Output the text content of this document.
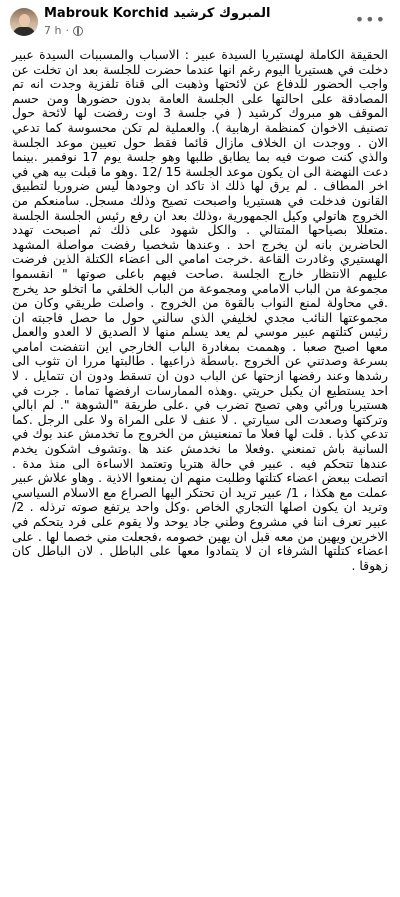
Mabrouk Korchid المبروك كرشيد
7 h ·
•••

الحقيقة الكاملة لهستيريا السيدة عبير : الاسباب والمسببات السيدة عبير دخلت في هستيريا اليوم رغم انها عندما حضرت للجلسة بعد ان تخلت عن واجب الحضور للدفاع عن لائحتها وذهبت الى قناة تلفزية وجدت انه تم المصادقة على احالتها على الجلسة العامة بدون حضورها ومن حسم الموقف هو مبروك كرشيد ( في جلسة 3 اوت رفضت لها لائحة حول تصنيف الاخوان كمنظمة ارهابية ). والعملية لم تكن محسوسة كما تدعي الان . ووجدت ان الخلاف مازال قائما فقط حول تعيين موعد الجلسة والذي كنت صوت فيه بما يطابق طلبها وهو جلسة يوم 17 نوفمبر .بينما دعت النهضة الى ان يكون موعد الجلسة 15 /12 .وهو ما قبلت بيه هي في اخر المطاف . لم يرق لها ذلك اذ تاكد ان وجودها ليس ضروريا لتطبيق القانون فدخلت في هستيريا واصبحت تصيح وذلك مسجل. سامنعكم من الخروج هاتولي وكيل الجمهورية ،وذلك بعد ان رفع رئيس الجلسة الجلسة .متعللا بصياحها المتتالي . والكل شهود على ذلك ثم اصبحت تهدد الحاضرين بانه لن يخرج احد . وعندها شخصيا رفضت مواصلة المشهد الهستيري وغادرت القاعة .خرجت امامي الى اعضاء الكتلة الذين فرضت عليهم الانتظار خارج الجلسة .صاحت فيهم باعلى صوتها " انقسموا مجموعة من الباب الامامي ومجموعة من الباب الخلفي ما اتخلو حد يخرج .في محاولة لمنع النواب بالقوة من الخروج . واصلت طريقي وكان من مجموعتها النائب مجدي لخليفي الذي سالني حول ما حصل فاجبته ان رئيس كتلتهم عبير موسي لم يعد يسلم منها لا الصديق لا العدو والعمل معها اصبح صعبا . وهممت بمغادرة الباب الخارجي اين انتفضت امامي بسرعة وصدتني عن الخروج .باسطة ذراعيها . طالبتها مررا ان تثوب الى رشدها وعند رفضها ازحتها عن الباب دون ان تسقط ودون ان تتمايل . لا احد يستطيع ان يكبل حريتي .وهذه الممارسات ارفضها تماما . جرت في هستيريا ورائي وهي تصيح تضرب في .على طريقة "الشوهة ". لم ابالي وتركتها وصعدت الى سيارتي . لا عنف لا على المراة ولا على الرجل .كما تدعي كذبا . قلت لها فعلا ما تمنعنيش من الخروج ما تخدمش عند بوك في السانية باش تمنعني .وفعلا ما نخدمش عند ها .وتشوف اشكون يخدم عندها تتحكم فيه . عبير في حالة هتريا وتعتمد الاساءة الى منذ مدة . اتصلت ببعض اعضاء كتلتها وطلبت منهم ان يمنعوا الاذية . وهاو علاش عبير عملت مع هكذا ، 1/ عبير تريد ان تحتكر اليها الصراع مع الاسلام السياسي وتريد ان يكون اصلها التجاري الخاص .وكل واحد يرتفع صوته ترذله . 2/ عبير تعرف اننا في مشروع وطني جاد يوحد ولا يقوم على فرد يتحكم في الاخرين ويهين من معه قبل ان يهين خصومه ،فجعلت مني خصما لها . على اعضاء كتلتها الشرفاء ان لا يتمادوا معها على الباطل . لان الباطل كان زهوقا .
